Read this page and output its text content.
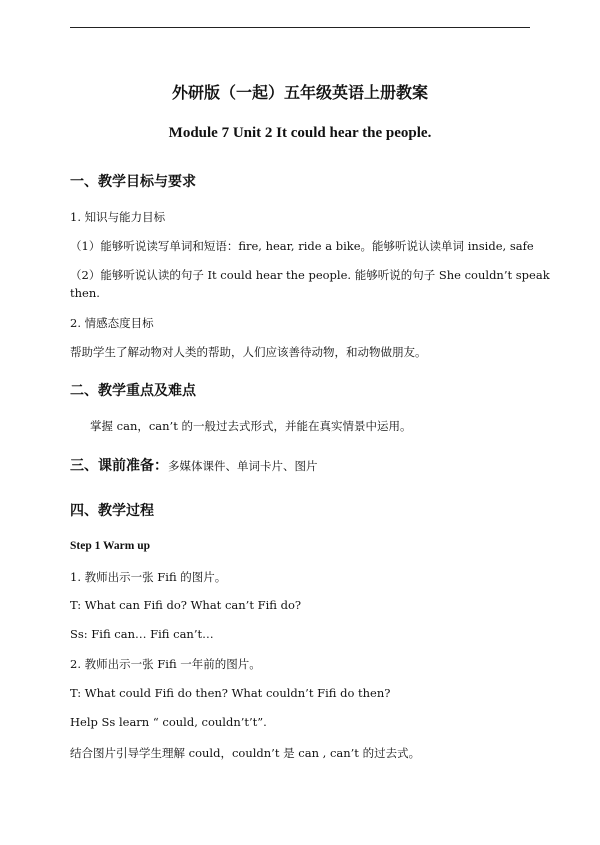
外研版（一起）五年级英语上册教案
Module 7 Unit 2 It could hear the people.
一、教学目标与要求
1. 知识与能力目标
（1）能够听说读写单词和短语：fire, hear, ride a bike。能够听说认读单词 inside, safe
（2）能够听说认读的句子 It could hear the people. 能够听说的句子 She couldn’t speak
then.
2. 情感态度目标
帮助学生了解动物对人类的帮助，人们应该善待动物，和动物做朋友。
二、教学重点及难点
掌握 can，can’t 的一般过去式形式，并能在真实情景中运用。
三、课前准备：多媒体课件、单词卡片、图片
四、教学过程
Step 1 Warm up
1. 教师出示一张 Fifi 的图片。
T: What can Fifi do? What can’t Fifi do?
Ss: Fifi can… Fifi can’t…
2. 教师出示一张 Fifi 一年前的图片。
T: What could Fifi do then? What couldn’t Fifi do then?
Help Ss learn “ could, couldn’t’t”.
结合图片引导学生理解 could，couldn’t 是 can , can’t 的过去式。
